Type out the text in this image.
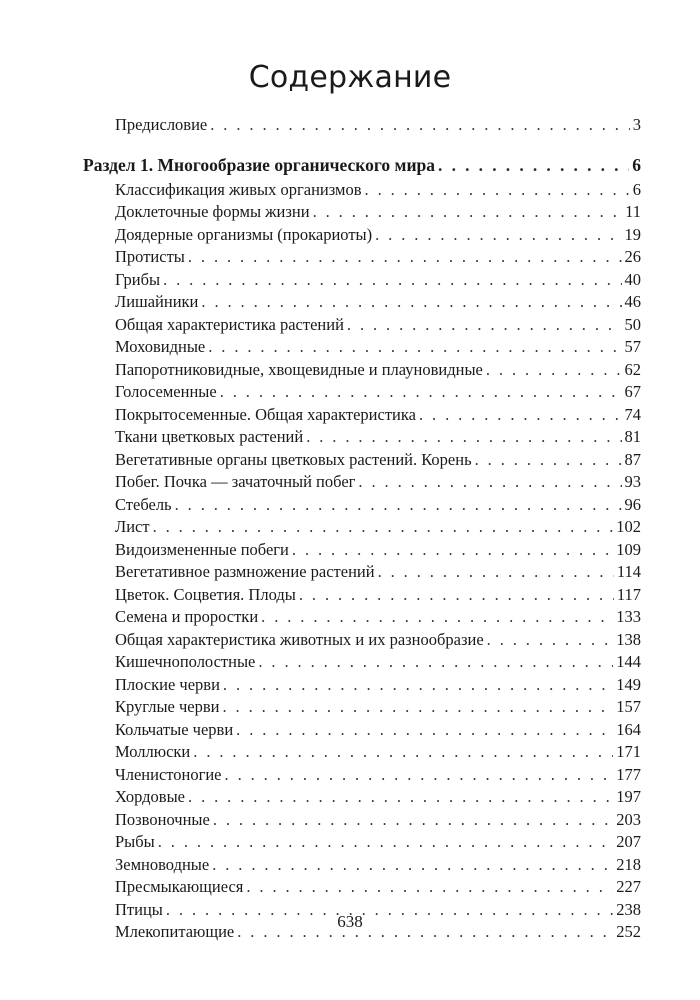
Содержание
Предисловие . . .	3
Раздел 1. Многообразие органического мира . . .	6
Классификация живых организмов . . .	6
Доклеточные формы жизни . . .	11
Доядерные организмы (прокариоты) . . .	19
Протисты . . .	26
Грибы . . .	40
Лишайники . . .	46
Общая характеристика растений . . .	50
Моховидные . . .	57
Папоротниковидные, хвощевидные и плауновидные . . .	62
Голосеменные . . .	67
Покрытосеменные. Общая характеристика . . .	74
Ткани цветковых растений . . .	81
Вегетативные органы цветковых растений. Корень . . .	87
Побег. Почка — зачаточный побег . . .	93
Стебель . . .	96
Лист . . .	102
Видоизмененные побеги . . .	109
Вегетативное размножение растений . . .	114
Цветок. Соцветия. Плоды . . .	117
Семена и проростки . . .	133
Общая характеристика животных и их разнообразие . . .	138
Кишечнополостные . . .	144
Плоские черви . . .	149
Круглые черви . . .	157
Кольчатые черви . . .	164
Моллюски . . .	171
Членистоногие . . .	177
Хордовые . . .	197
Позвоночные . . .	203
Рыбы . . .	207
Земноводные . . .	218
Пресмыкающиеся . . .	227
Птицы . . .	238
Млекопитающие . . .	252
638
